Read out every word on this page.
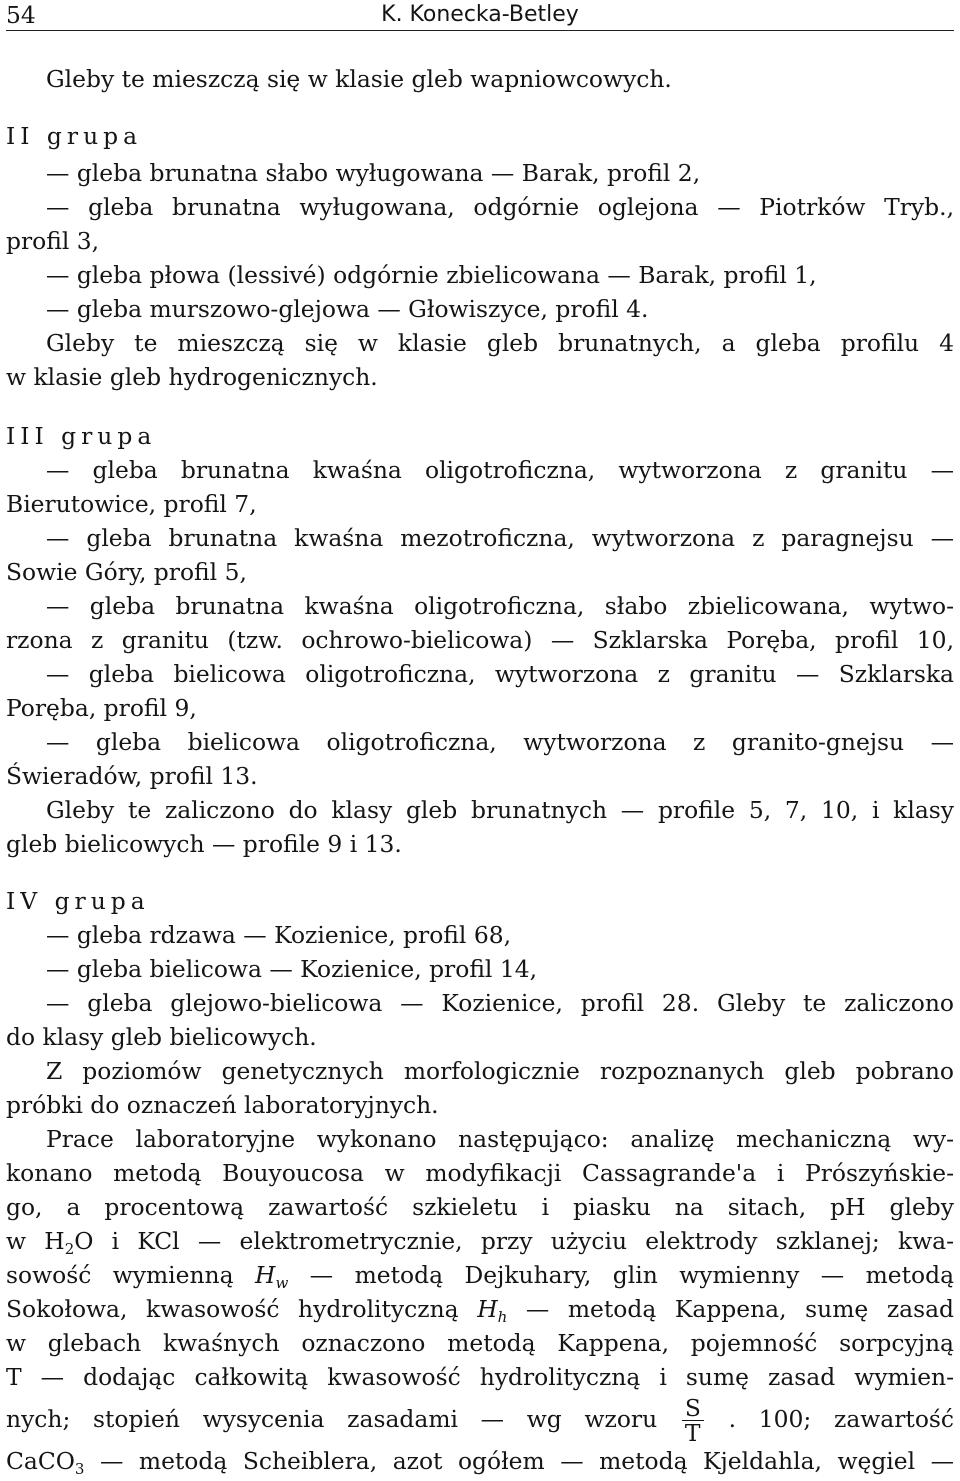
54	K. Konecka-Betley
Gleby te mieszczą się w klasie gleb wapniowcowych.
II grupa
— gleba brunatna słabo wyługowana — Barak, profil 2,
— gleba brunatna wyługowana, odgórnie oglejona — Piotrków Tryb.,
profil 3,
— gleba płowa (lessivé) odgórnie zbielicowana — Barak, profil 1,
— gleba murszowo-glejowa — Głowiszyce, profil 4.
Gleby te mieszczą się w klasie gleb brunatnych, a gleba profilu 4
w klasie gleb hydrogenicznych.
III grupa
— gleba brunatna kwaśna oligotroficzna, wytworzona z granitu —
Bierutowice, profil 7,
— gleba brunatna kwaśna mezotroficzna, wytworzona z paragnejsu —
Sowie Góry, profil 5,
— gleba brunatna kwaśna oligotroficzna, słabo zbielicowana, wytwo-
rzona z granitu (tzw. ochrowo-bielicowa) — Szklarska Poręba, profil 10,
— gleba bielicowa oligotroficzna, wytworzona z granitu — Szklarska
Poręba, profil 9,
— gleba bielicowa oligotroficzna, wytworzona z granito-gnejsu —
Świeradów, profil 13.
Gleby te zaliczono do klasy gleb brunatnych — profile 5, 7, 10, i klasy
gleb bielicowych — profile 9 i 13.
IV grupa
— gleba rdzawa — Kozienice, profil 68,
— gleba bielicowa — Kozienice, profil 14,
— gleba glejowo-bielicowa — Kozienice, profil 28. Gleby te zaliczono
do klasy gleb bielicowych.
Z poziomów genetycznych morfologicznie rozpoznanych gleb pobrano
próbki do oznaczeń laboratoryjnych.
Prace laboratoryjne wykonano następująco: analizę mechaniczną wy-
konano metodą Bouyoucosa w modyfikacji Cassagrande'a i Prószyńskie-
go, a procentową zawartość szkieletu i piasku na sitach, pH gleby
w $H_2O$ i KCl — elektrometrycznie, przy użyciu elektrody szklanej; kwa-
sowość wymienną $H_w$ — metodą Dejkuhary, glin wymienny — metodą
Sokołowa, kwasowość hydrolityczną $H_h$ — metodą Kappena, sumę zasad
w glebach kwaśnych oznaczono metodą Kappena, pojemność sorpcyjną
T — dodając całkowitą kwasowość hydrolityczną i sumę zasad wymien-
nych; stopień wysycenia zasadami — wg wzoru $\frac{S}{T}$ . 100; zawartość
CaCO$_3$ — metodą Scheiblera, azot ogółem — metodą Kjeldahla, węgiel —
